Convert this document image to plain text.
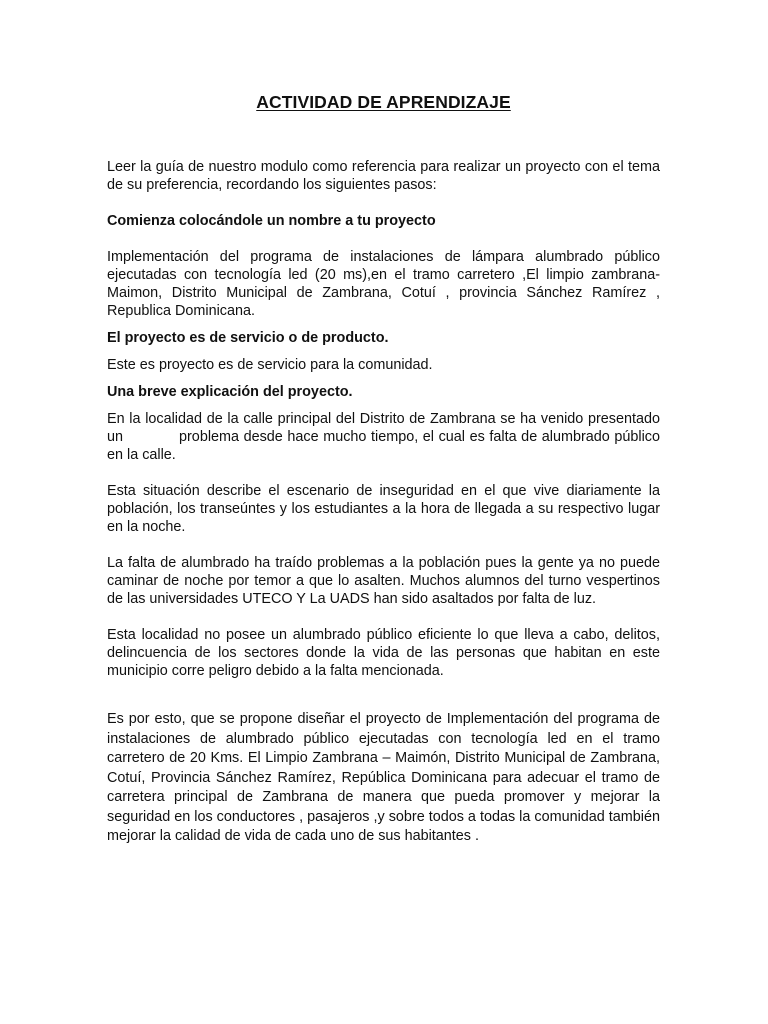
ACTIVIDAD DE APRENDIZAJE

Leer la guía de nuestro modulo como referencia para realizar un proyecto con el tema de su preferencia, recordando los siguientes pasos:

Comienza colocándole un nombre a tu proyecto

Implementación del programa de instalaciones de lámpara alumbrado público ejecutadas con tecnología led (20 ms),en el tramo carretero ,El limpio zambrana-Maimon, Distrito Municipal de Zambrana, Cotuí , provincia Sánchez Ramírez , Republica Dominicana.

El proyecto es de servicio o de producto.

Este es proyecto es de servicio para la comunidad.

Una breve explicación del proyecto.

En la localidad de la calle principal del Distrito de Zambrana se ha venido presentado un	problema desde hace mucho tiempo, el cual es falta de alumbrado público en la calle.

Esta situación describe el escenario de inseguridad en el que vive diariamente la población, los transeúntes y los estudiantes a la hora de llegada a su respectivo lugar en la noche.

La falta de alumbrado ha traído problemas a la población pues la gente ya no puede caminar de noche por temor a que lo asalten. Muchos alumnos del turno vespertinos de las universidades UTECO Y La UADS han sido asaltados por falta de luz.

Esta localidad no posee un alumbrado público eficiente lo que lleva a cabo, delitos, delincuencia de los sectores donde la vida de las personas que habitan en este municipio corre peligro debido a la falta mencionada.

Es por esto, que se propone diseñar el proyecto de Implementación del programa de instalaciones de alumbrado público ejecutadas con tecnología led en el tramo carretero de 20 Kms. El Limpio Zambrana – Maimón, Distrito Municipal de Zambrana, Cotuí, Provincia Sánchez Ramírez, República Dominicana para adecuar el tramo de carretera principal de Zambrana de manera que pueda promover y mejorar la seguridad en los conductores , pasajeros ,y sobre todos a todas la comunidad también mejorar la calidad de vida de cada uno de sus habitantes .
